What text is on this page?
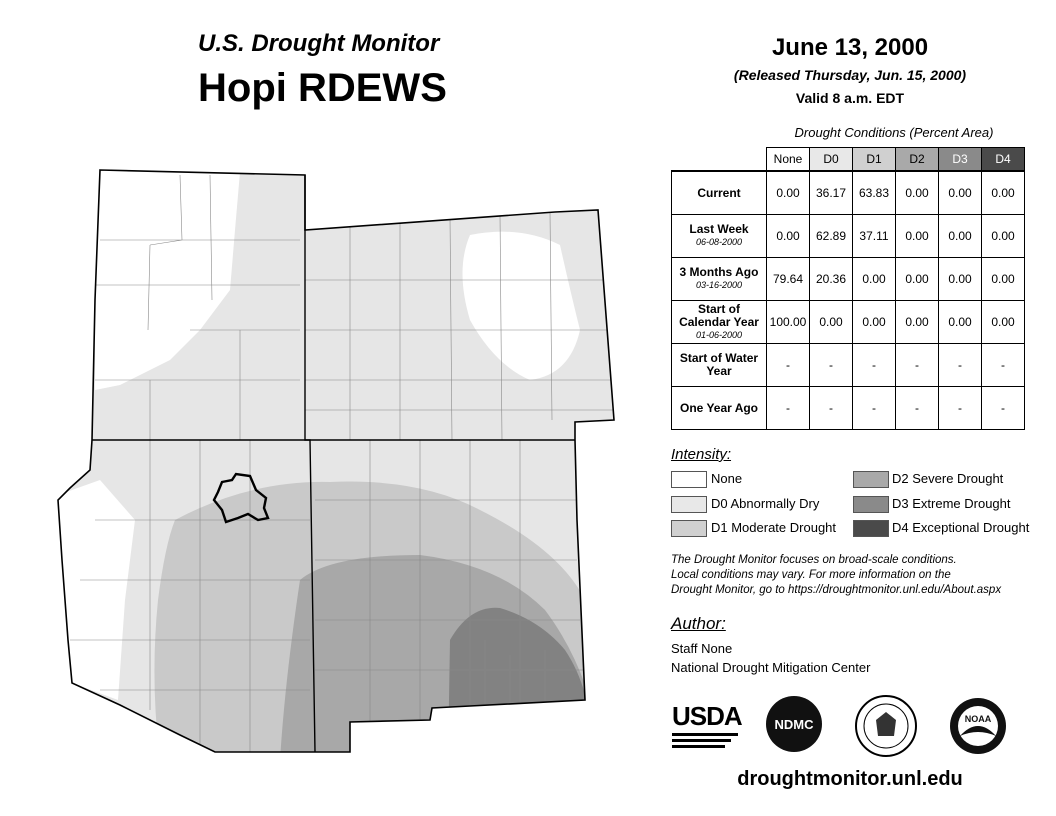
U.S. Drought Monitor
Hopi RDEWS
June 13, 2000
(Released Thursday, Jun. 15, 2000)
Valid 8 a.m. EDT
Drought Conditions (Percent Area)
	None	D0	D1	D2	D3	D4
Current	0.00	36.17	63.83	0.00	0.00	0.00
Last Week
06-08-2000	0.00	62.89	37.11	0.00	0.00	0.00
3 Months Ago
03-16-2000	79.64	20.36	0.00	0.00	0.00	0.00
Start of Calendar Year
01-06-2000	100.00	0.00	0.00	0.00	0.00	0.00
Start of Water Year	-	-	-	-	-	-
One Year Ago	-	-	-	-	-	-
Intensity:
None
D0 Abnormally Dry
D1 Moderate Drought
D2 Severe Drought
D3 Extreme Drought
D4 Exceptional Drought
The Drought Monitor focuses on broad-scale conditions.
Local conditions may vary. For more information on the
Drought Monitor, go to https://droughtmonitor.unl.edu/About.aspx
Author:
Staff None
National Drought Mitigation Center
USDA	NDMC	NOAA
droughtmonitor.unl.edu
